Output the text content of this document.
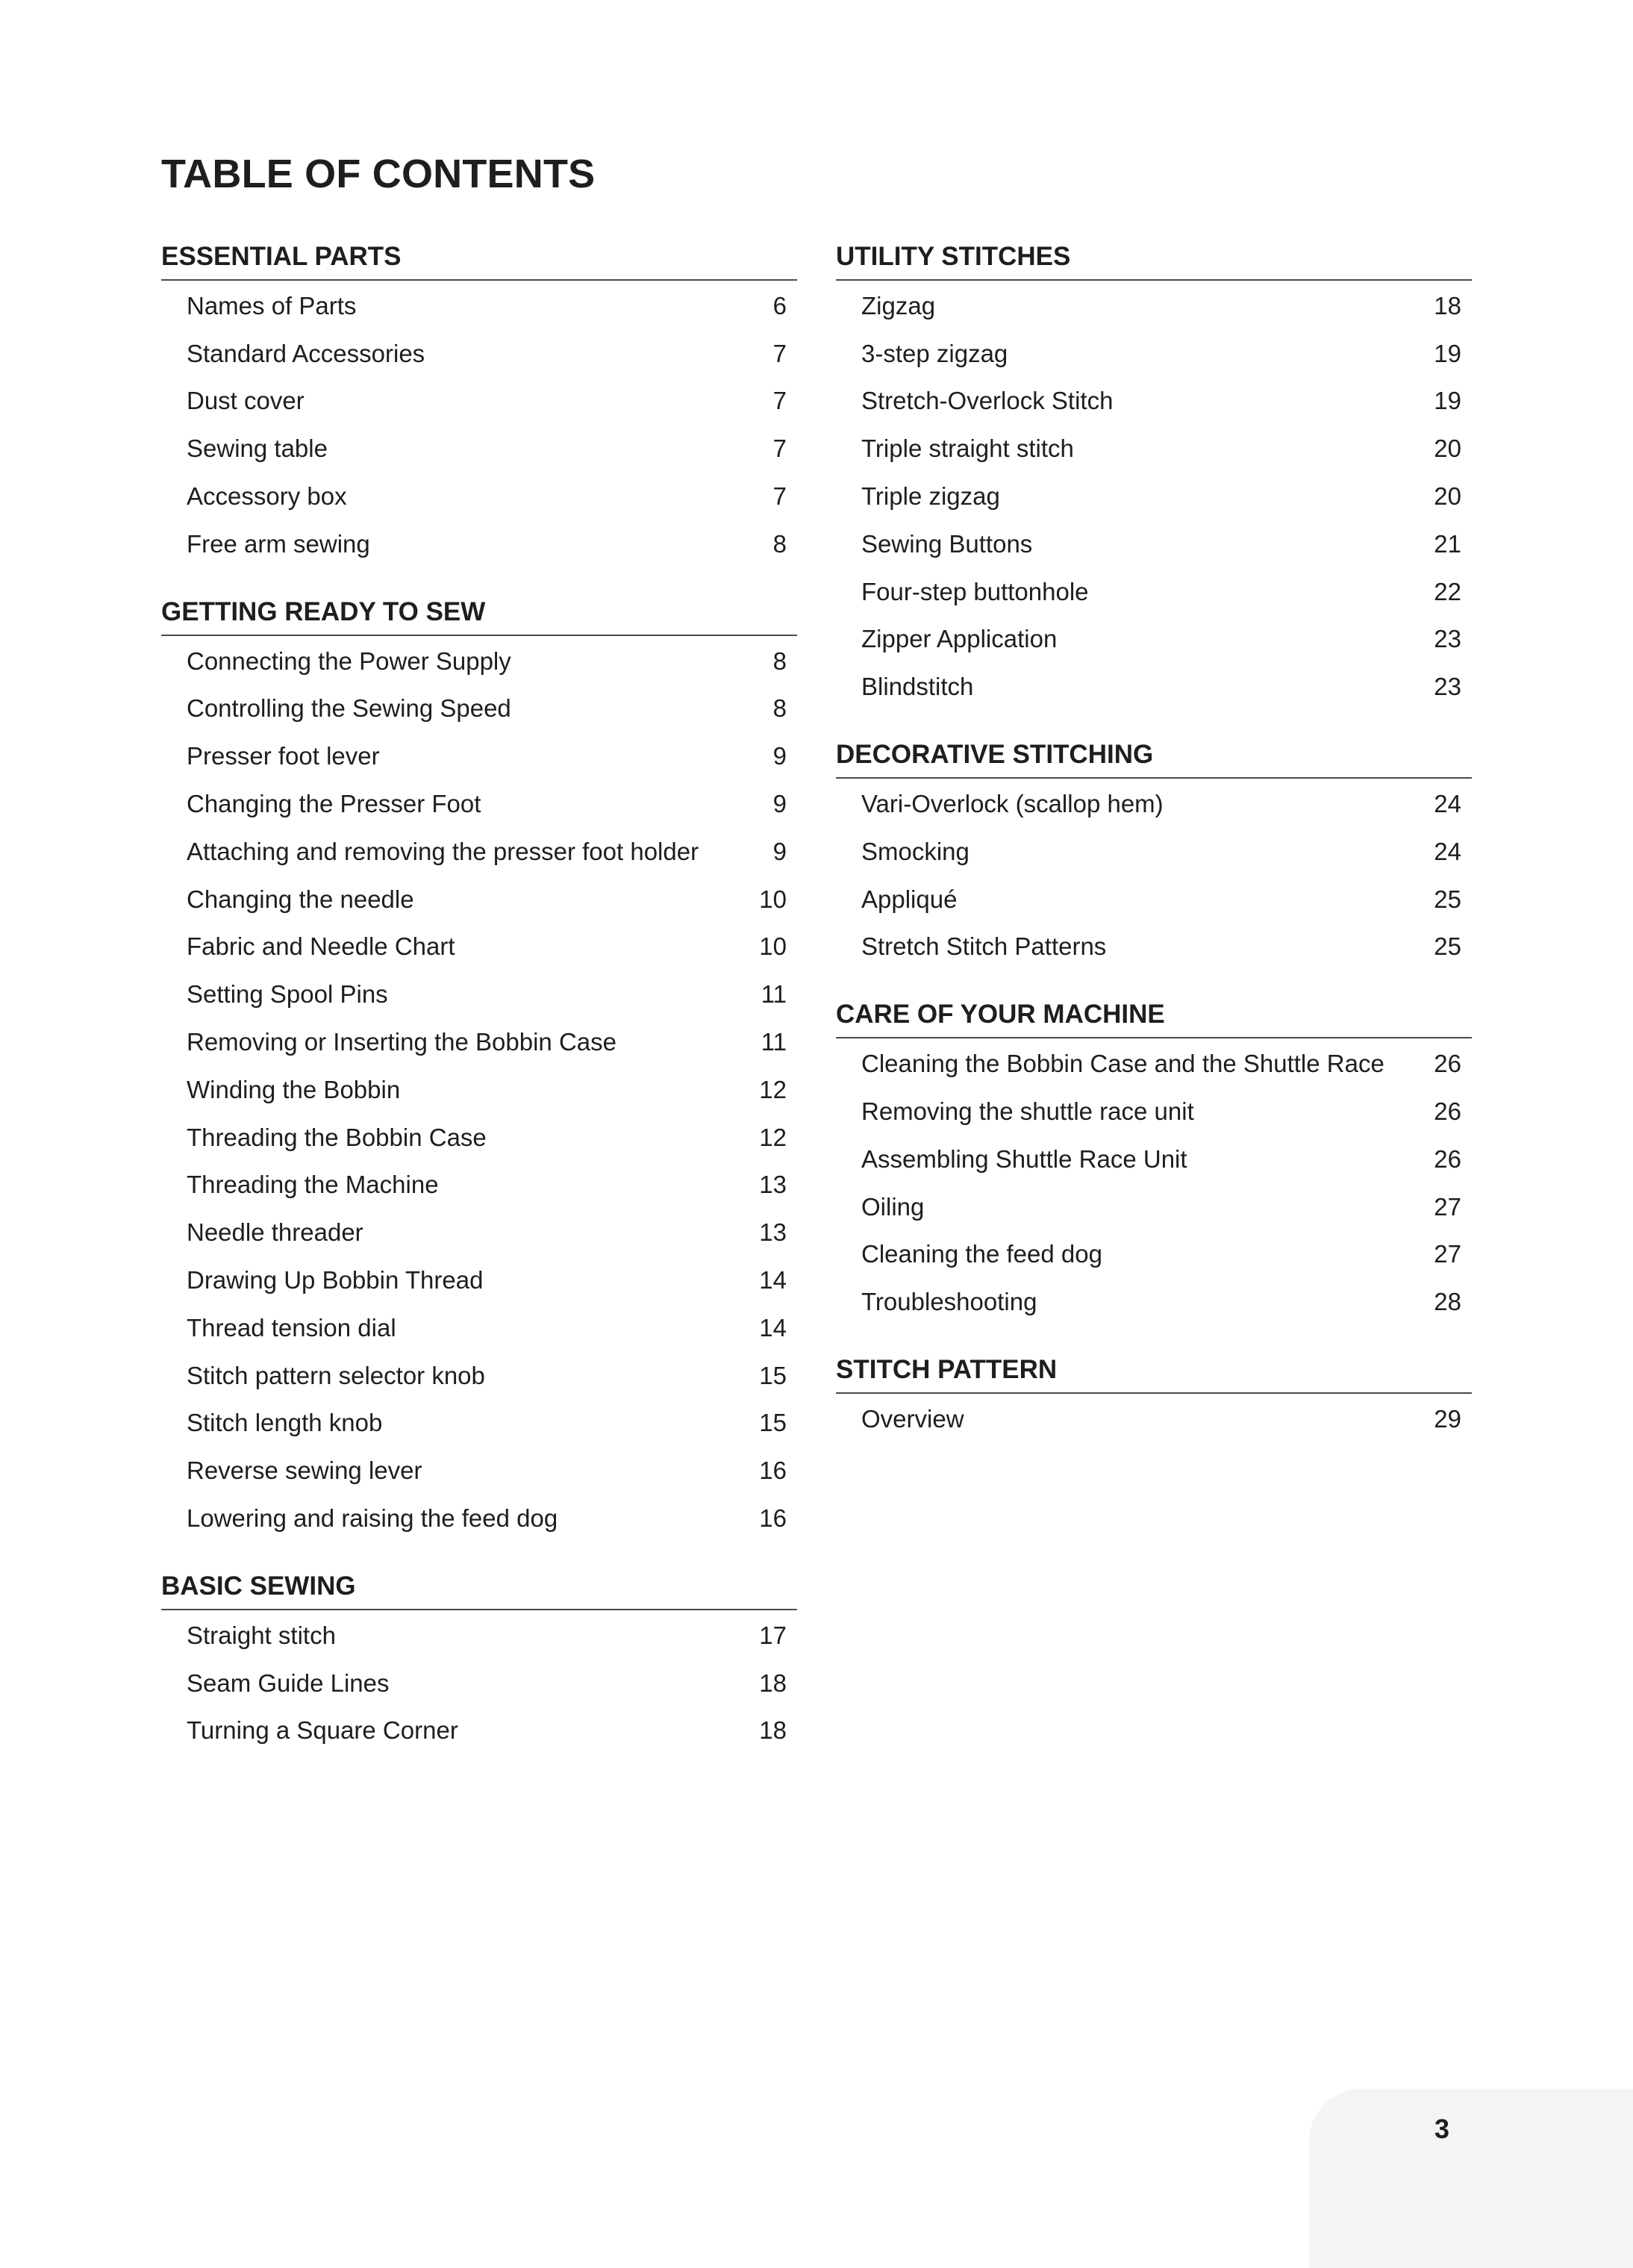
TABLE OF CONTENTS
ESSENTIAL PARTS
Names of Parts	6
Standard Accessories	7
Dust cover	7
Sewing table	7
Accessory box	7
Free arm sewing	8
GETTING READY TO SEW
Connecting the Power Supply	8
Controlling the Sewing Speed	8
Presser foot lever	9
Changing the Presser Foot	9
Attaching and removing the presser foot holder	9
Changing the needle	10
Fabric and Needle Chart	10
Setting Spool Pins	11
Removing or Inserting the Bobbin Case	11
Winding the Bobbin	12
Threading the Bobbin Case	12
Threading the Machine	13
Needle threader	13
Drawing Up Bobbin Thread	14
Thread tension dial	14
Stitch pattern selector knob	15
Stitch length knob	15
Reverse sewing lever	16
Lowering and raising the feed dog	16
BASIC SEWING
Straight stitch	17
Seam Guide Lines	18
Turning a Square Corner	18
UTILITY STITCHES
Zigzag	18
3-step zigzag	19
Stretch-Overlock Stitch	19
Triple straight stitch	20
Triple zigzag	20
Sewing Buttons	21
Four-step buttonhole	22
Zipper Application	23
Blindstitch	23
DECORATIVE STITCHING
Vari-Overlock (scallop hem)	24
Smocking	24
Appliqué	25
Stretch Stitch Patterns	25
CARE OF YOUR MACHINE
Cleaning the Bobbin Case and the Shuttle Race	26
Removing the shuttle race unit	26
Assembling Shuttle Race Unit	26
Oiling	27
Cleaning the feed dog	27
Troubleshooting	28
STITCH PATTERN
Overview	29
3
